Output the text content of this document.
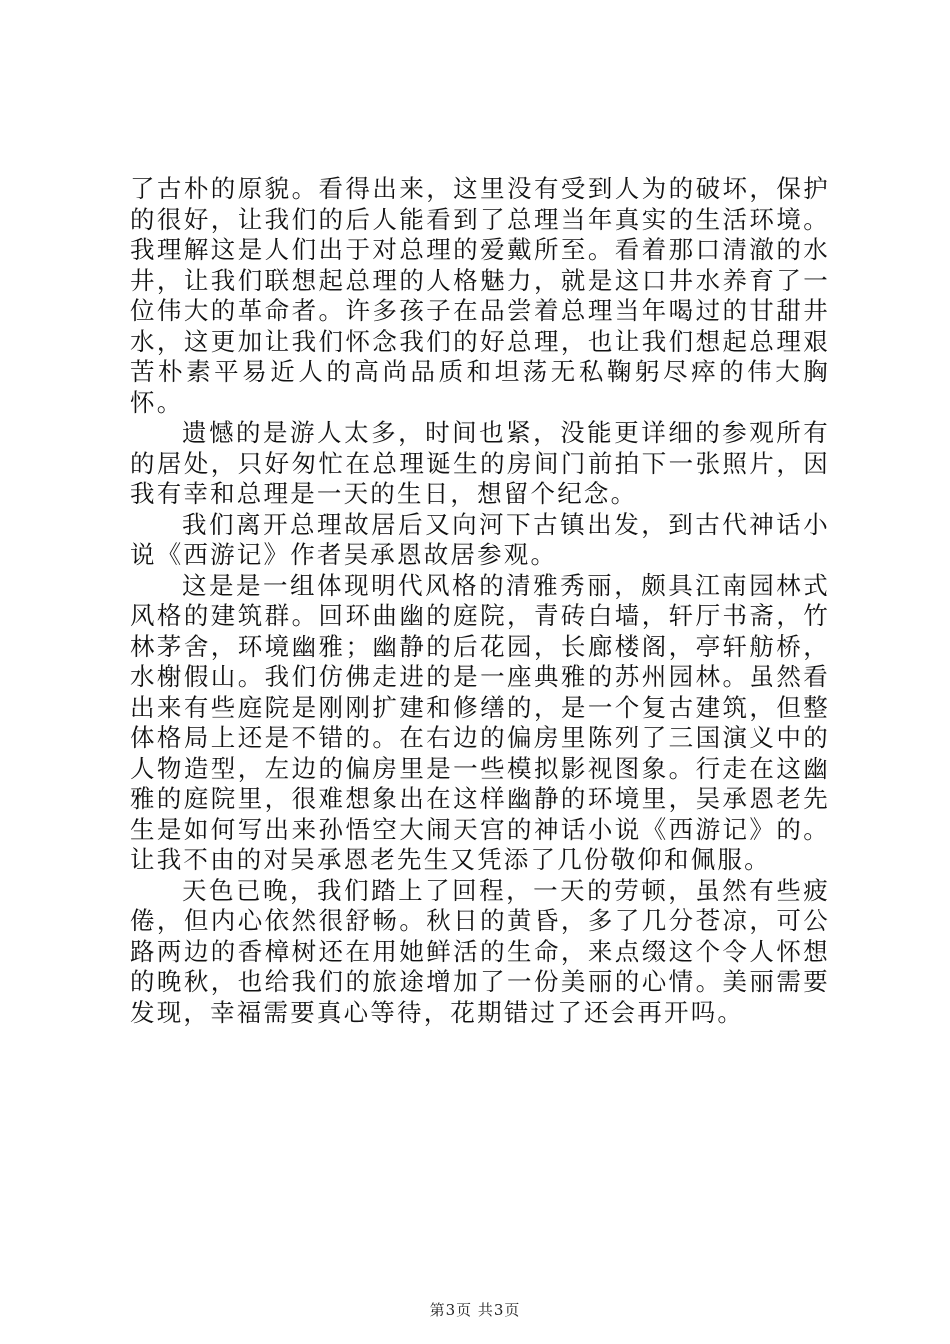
了古朴的原貌。看得出来，这里没有受到人为的破坏，保护的很好，让我们的后人能看到了总理当年真实的生活环境。我理解这是人们出于对总理的爱戴所至。看着那口清澈的水井，让我们联想起总理的人格魅力，就是这口井水养育了一位伟大的革命者。许多孩子在品尝着总理当年喝过的甘甜井水，这更加让我们怀念我们的好总理，也让我们想起总理艰苦朴素平易近人的高尚品质和坦荡无私鞠躬尽瘁的伟大胸怀。

遗憾的是游人太多，时间也紧，没能更详细的参观所有的居处，只好匆忙在总理诞生的房间门前拍下一张照片，因我有幸和总理是一天的生日，想留个纪念。

我们离开总理故居后又向河下古镇出发，到古代神话小说《西游记》作者吴承恩故居参观。

这是是一组体现明代风格的清雅秀丽，颇具江南园林式风格的建筑群。回环曲幽的庭院，青砖白墙，轩厅书斋，竹林茅舍，环境幽雅；幽静的后花园，长廊楼阁，亭轩舫桥，水榭假山。我们仿佛走进的是一座典雅的苏州园林。虽然看出来有些庭院是刚刚扩建和修缮的，是一个复古建筑，但整体格局上还是不错的。在右边的偏房里陈列了三国演义中的人物造型，左边的偏房里是一些模拟影视图象。行走在这幽雅的庭院里，很难想象出在这样幽静的环境里，吴承恩老先生是如何写出来孙悟空大闹天宫的神话小说《西游记》的。让我不由的对吴承恩老先生又凭添了几份敬仰和佩服。

天色已晚，我们踏上了回程，一天的劳顿，虽然有些疲倦，但内心依然很舒畅。秋日的黄昏，多了几分苍凉，可公路两边的香樟树还在用她鲜活的生命，来点缀这个令人怀想的晚秋，也给我们的旅途增加了一份美丽的心情。美丽需要发现，幸福需要真心等待，花期错过了还会再开吗。

第3页 共3页
